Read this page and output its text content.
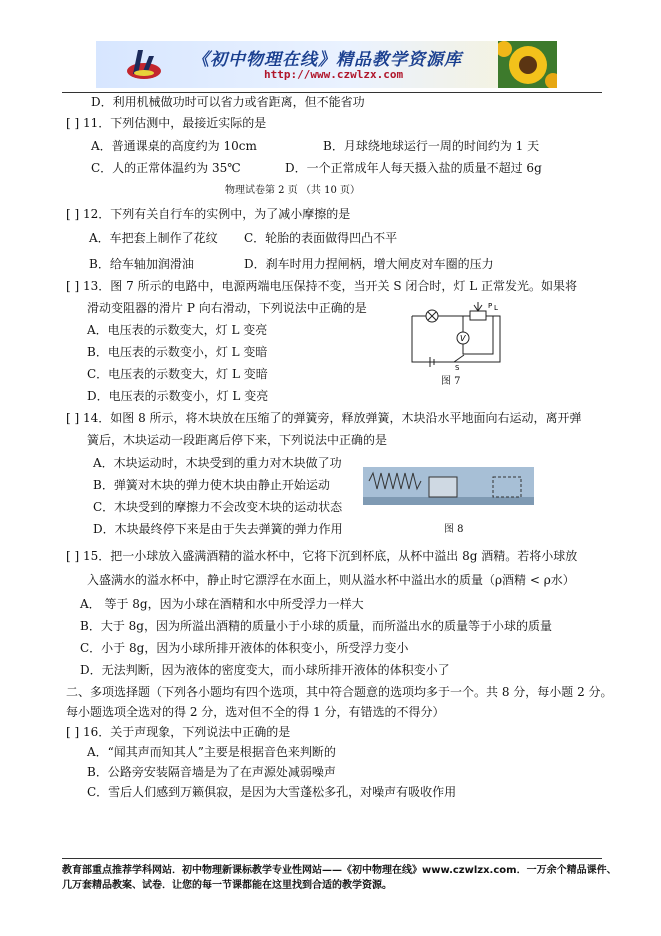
《初中物理在线》精品教学资源库
http://www.czwlzx.com
D．利用机械做功时可以省力或省距离，但不能省功
[ ] 11．下列估测中，最接近实际的是
A．普通课桌的高度约为 10cm	B．月球绕地球运行一周的时间约为 1 天
C．人的正常体温约为 35℃	D．一个正常成年人每天摄入盐的质量不超过 6g
物理试卷第 2 页 （共 10 页）
[ ] 12．下列有关自行车的实例中，为了减小摩擦的是
A．车把套上制作了花纹 C．轮胎的表面做得凹凸不平
B．给车轴加润滑油	D．刹车时用力捏闸柄，增大闸皮对车圈的压力
[ ] 13．图 7 所示的电路中，电源两端电压保持不变，当开关 S 闭合时，灯 L 正常发光。如果将
滑动变阻器的滑片 P 向右滑动，下列说法中正确的是
A．电压表的示数变大，灯 L 变亮
B．电压表的示数变小，灯 L 变暗
C．电压表的示数变大，灯 L 变暗
D．电压表的示数变小，灯 L 变亮
V
P L
S
图 7
[ ] 14．如图 8 所示，将木块放在压缩了的弹簧旁，释放弹簧，木块沿水平地面向右运动，离开弹
簧后，木块运动一段距离后停下来，下列说法中正确的是
A．木块运动时，木块受到的重力对木块做了功
B．弹簧对木块的弹力使木块由静止开始运动
C．木块受到的摩擦力不会改变木块的运动状态
D．木块最终停下来是由于失去弹簧的弹力作用	图 8
[ ] 15．把一小球放入盛满酒精的溢水杯中，它将下沉到杯底，从杯中溢出 8g 酒精。若将小球放
入盛满水的溢水杯中，静止时它漂浮在水面上，则从溢水杯中溢出水的质量（ρ酒精 < ρ水）
A． 等于 8g，因为小球在酒精和水中所受浮力一样大
B．大于 8g，因为所溢出酒精的质量小于小球的质量，而所溢出水的质量等于小球的质量
C．小于 8g，因为小球所排开液体的体积变小，所受浮力变小
D．无法判断，因为液体的密度变大，而小球所排开液体的体积变小了
二、多项选择题（下列各小题均有四个选项，其中符合题意的选项均多于一个。共 8 分，每小题 2 分。
每小题选项全选对的得 2 分，选对但不全的得 1 分，有错选的不得分）
[ ] 16．关于声现象，下列说法中正确的是
A．“闻其声而知其人”主要是根据音色来判断的
B．公路旁安装隔音墙是为了在声源处减弱噪声
C．雪后人们感到万籁俱寂，是因为大雪蓬松多孔，对噪声有吸收作用
教育部重点推荐学科网站．初中物理新课标教学专业性网站——《初中物理在线》www.czwlzx.com．一万余个精品课件、
几万套精品教案、试卷．让您的每一节课都能在这里找到合适的教学资源。
